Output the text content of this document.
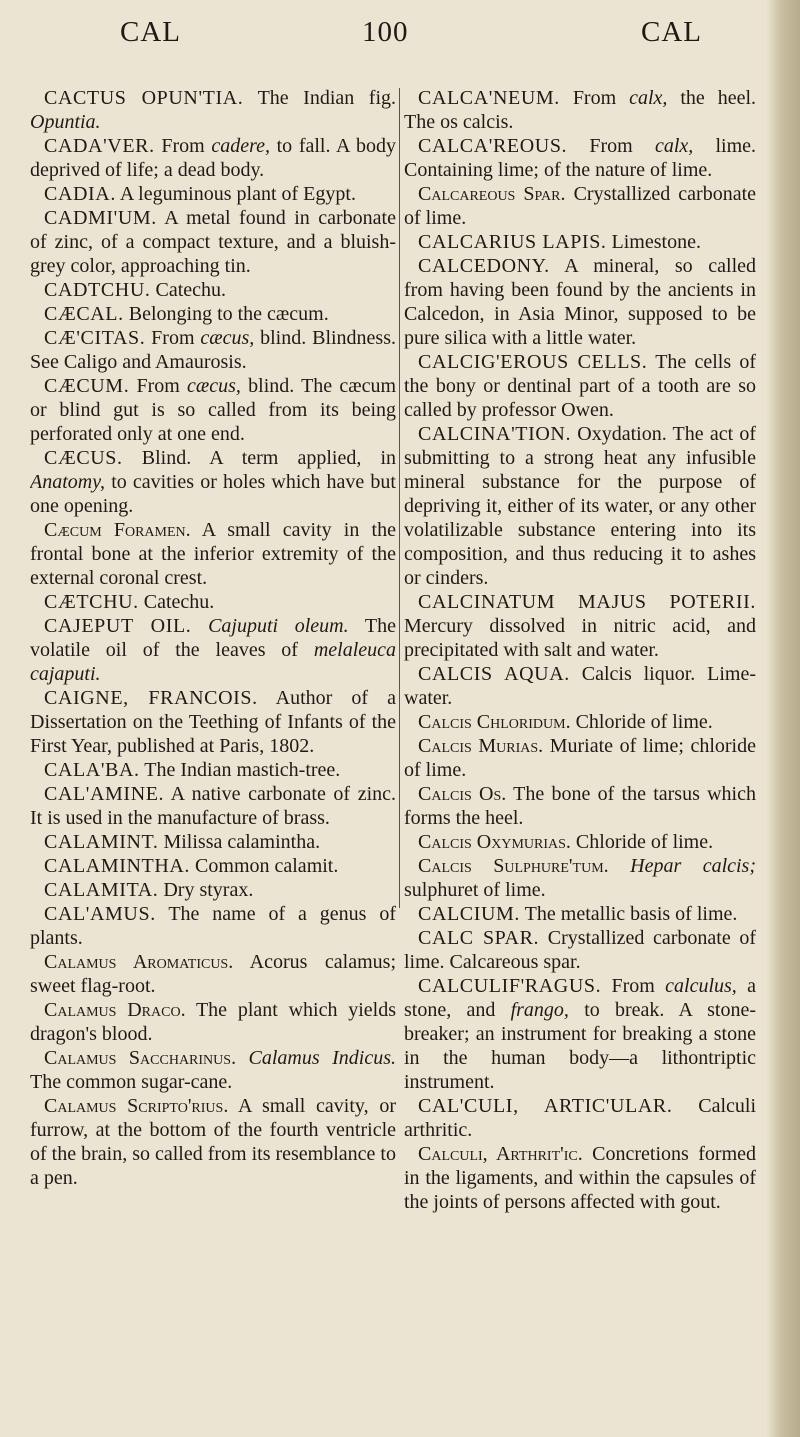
CAL	100	CAL

CACTUS OPUN'TIA. The Indian fig. Opuntia.

CADA'VER. From cadere, to fall. A body deprived of life; a dead body.

CADIA. A leguminous plant of Egypt.

CADMI'UM. A metal found in carbonate of zinc, of a compact texture, and a bluish-grey color, approaching tin.

CADTCHU. Catechu.

CÆCAL. Belonging to the cæcum.

CÆ'CITAS. From cæcus, blind. Blindness. See Caligo and Amaurosis.

CÆCUM. From cæcus, blind. The cæcum or blind gut is so called from its being perforated only at one end.

CÆCUS. Blind. A term applied, in Anatomy, to cavities or holes which have but one opening.

Cæcum Foramen. A small cavity in the frontal bone at the inferior extremity of the external coronal crest.

CÆTCHU. Catechu.

CAJEPUT OIL. Cajuputi oleum. The volatile oil of the leaves of melaleuca cajaputi.

CAIGNE, FRANCOIS. Author of a Dissertation on the Teething of Infants of the First Year, published at Paris, 1802.

CALA'BA. The Indian mastich-tree.

CAL'AMINE. A native carbonate of zinc. It is used in the manufacture of brass.

CALAMINT. Milissa calamintha.

CALAMINTHA. Common calamit.

CALAMITA. Dry styrax.

CAL'AMUS. The name of a genus of plants.

Calamus Aromaticus. Acorus calamus; sweet flag-root.

Calamus Draco. The plant which yields dragon's blood.

Calamus Saccharinus. Calamus Indicus. The common sugar-cane.

Calamus Scripto'rius. A small cavity, or furrow, at the bottom of the fourth ventricle of the brain, so called from its resemblance to a pen.

CALCA'NEUM. From calx, the heel. The os calcis.

CALCA'REOUS. From calx, lime. Containing lime; of the nature of lime.

Calcareous Spar. Crystallized carbonate of lime.

CALCARIUS LAPIS. Limestone.

CALCEDONY. A mineral, so called from having been found by the ancients in Calcedon, in Asia Minor, supposed to be pure silica with a little water.

CALCIG'EROUS CELLS. The cells of the bony or dentinal part of a tooth are so called by professor Owen.

CALCINA'TION. Oxydation. The act of submitting to a strong heat any infusible mineral substance for the purpose of depriving it, either of its water, or any other volatilizable substance entering into its composition, and thus reducing it to ashes or cinders.

CALCINATUM MAJUS POTERII. Mercury dissolved in nitric acid, and precipitated with salt and water.

CALCIS AQUA. Calcis liquor. Lime-water.

Calcis Chloridum. Chloride of lime.

Calcis Murias. Muriate of lime; chloride of lime.

Calcis Os. The bone of the tarsus which forms the heel.

Calcis Oxymurias. Chloride of lime.

Calcis Sulphure'tum. Hepar calcis; sulphuret of lime.

CALCIUM. The metallic basis of lime.

CALC SPAR. Crystallized carbonate of lime. Calcareous spar.

CALCULIF'RAGUS. From calculus, a stone, and frango, to break. A stone-breaker; an instrument for breaking a stone in the human body—a lithontriptic instrument.

CAL'CULI, ARTIC'ULAR. Calculi arthritic.

Calculi, Arthrit'ic. Concretions formed in the ligaments, and within the capsules of the joints of persons affected with gout.
